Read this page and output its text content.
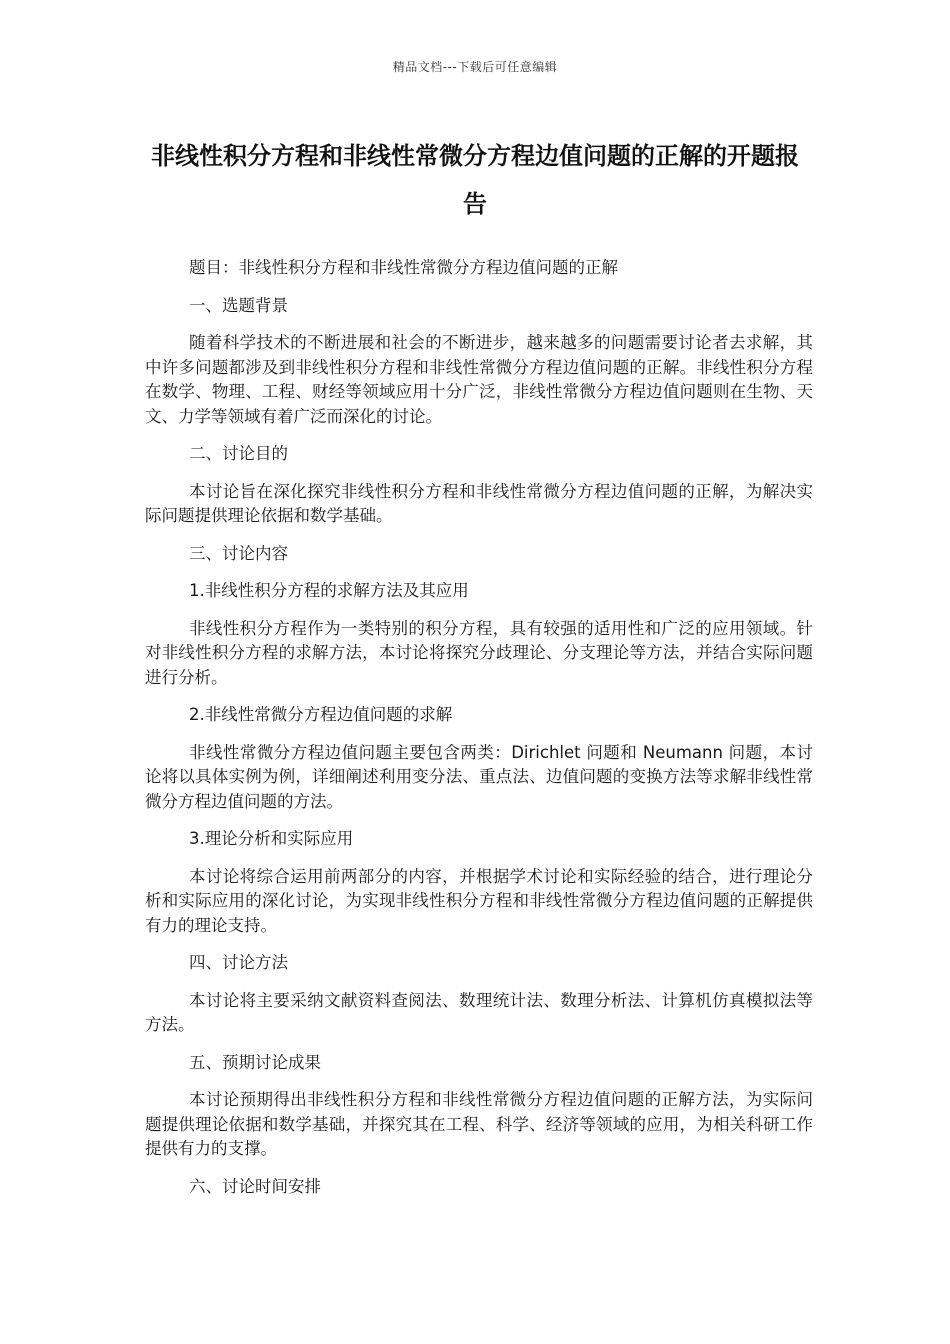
精品文档---下载后可任意编辑
非线性积分方程和非线性常微分方程边值问题的正解的开题报告

题目：非线性积分方程和非线性常微分方程边值问题的正解

一、选题背景

随着科学技术的不断进展和社会的不断进步，越来越多的问题需要讨论者去求解，其中许多问题都涉及到非线性积分方程和非线性常微分方程边值问题的正解。非线性积分方程在数学、物理、工程、财经等领域应用十分广泛，非线性常微分方程边值问题则在生物、天文、力学等领域有着广泛而深化的讨论。

二、讨论目的

本讨论旨在深化探究非线性积分方程和非线性常微分方程边值问题的正解，为解决实际问题提供理论依据和数学基础。

三、讨论内容

1.非线性积分方程的求解方法及其应用

非线性积分方程作为一类特别的积分方程，具有较强的适用性和广泛的应用领域。针对非线性积分方程的求解方法，本讨论将探究分歧理论、分支理论等方法，并结合实际问题进行分析。

2.非线性常微分方程边值问题的求解

非线性常微分方程边值问题主要包含两类：Dirichlet 问题和 Neumann 问题，本讨论将以具体实例为例，详细阐述利用变分法、重点法、边值问题的变换方法等求解非线性常微分方程边值问题的方法。

3.理论分析和实际应用

本讨论将综合运用前两部分的内容，并根据学术讨论和实际经验的结合，进行理论分析和实际应用的深化讨论，为实现非线性积分方程和非线性常微分方程边值问题的正解提供有力的理论支持。

四、讨论方法

本讨论将主要采纳文献资料查阅法、数理统计法、数理分析法、计算机仿真模拟法等方法。

五、预期讨论成果

本讨论预期得出非线性积分方程和非线性常微分方程边值问题的正解方法，为实际问题提供理论依据和数学基础，并探究其在工程、科学、经济等领域的应用，为相关科研工作提供有力的支撑。

六、讨论时间安排
